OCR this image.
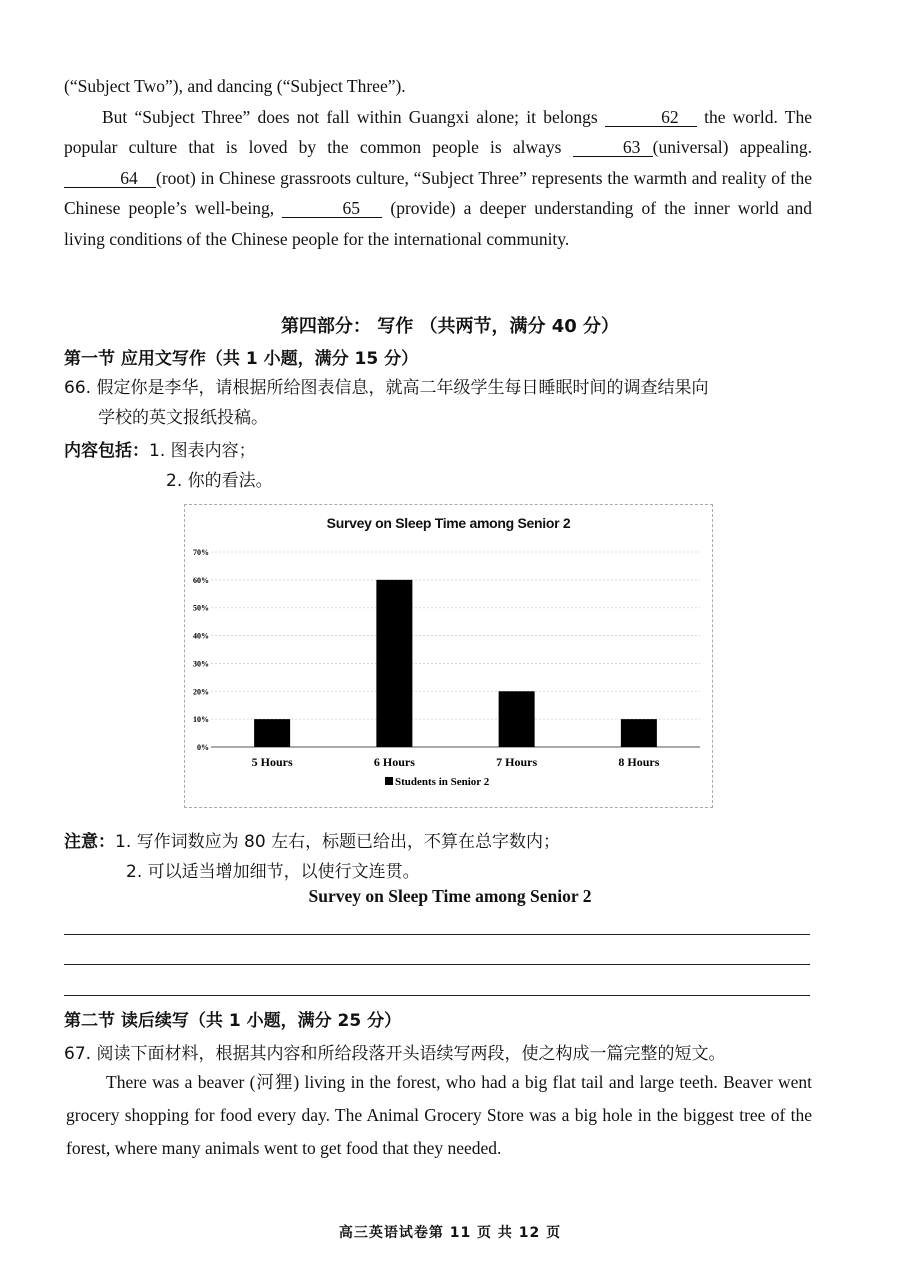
(“Subject Two”), and dancing (“Subject Three”).

But “Subject Three” does not fall within Guangxi alone; it belongs	62 the world. The popular culture that is loved by the common people is always	63 (universal) appealing. 64 (root) in Chinese grassroots culture, “Subject Three” represents the warmth and reality of the Chinese people’s well-being,	65 (provide) a deeper understanding of the inner world and living conditions of the Chinese people for the international community.

第四部分： 写作 （共两节，满分 40 分）
第一节 应用文写作（共 1 小题，满分 15 分）
66. 假定你是李华，请根据所给图表信息，就高二年级学生每日睡眠时间的调查结果向
学校的英文报纸投稿。
内容包括：1. 图表内容；
2. 你的看法。
Survey on Sleep Time among Senior 2
0%
10%
20%
30%
40%
50%
60%
70%
5 Hours	6 Hours	7 Hours	8 Hours
Students in Senior 2
注意：1. 写作词数应为 80 左右，标题已给出，不算在总字数内；
2. 可以适当增加细节，以使行文连贯。
Survey on Sleep Time among Senior 2
第二节 读后续写（共 1 小题，满分 25 分）
67. 阅读下面材料，根据其内容和所给段落开头语续写两段，使之构成一篇完整的短文。
There was a beaver (河狸) living in the forest, who had a big flat tail and large teeth. Beaver went grocery shopping for food every day. The Animal Grocery Store was a big hole in the biggest tree of the forest, where many animals went to get food that they needed.
高三英语试卷第 11 页 共 12 页
